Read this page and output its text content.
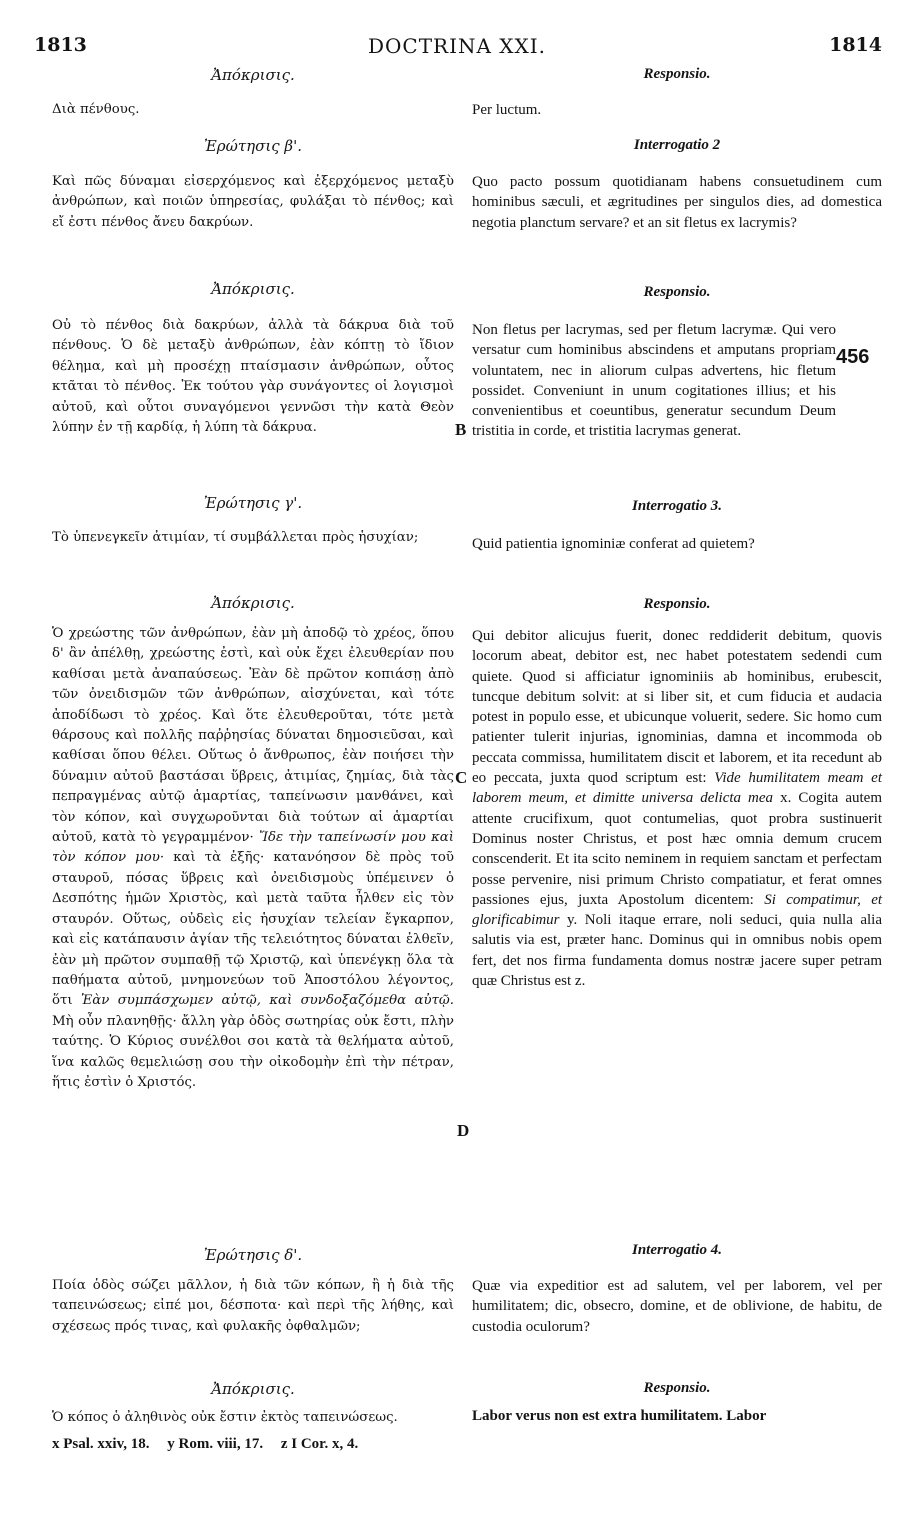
1813	DOCTRINA XXI.	1814
Ἀπόκρισις.
Διὰ πένθους.
Ἐρώτησις β'.
Καὶ πῶς δύναμαι εἰσερχόμενος καὶ ἐξερχόμενος μεταξὺ ἀνθρώπων, καὶ ποιῶν ὑπηρεσίας, φυλάξαι τὸ πένθος; καὶ εἴ ἐστι πένθος ἄνευ δακρύων.
Ἀπόκρισις.
Οὐ τὸ πένθος διὰ δακρύων, ἀλλὰ τὰ δάκρυα διὰ τοῦ πένθους. Ὁ δὲ μεταξὺ ἀνθρώπων, ἐὰν κόπτῃ τὸ ἴδιον θέλημα, καὶ μὴ προσέχῃ πταίσμασιν ἀνθρώπων, οὗτος κτᾶται τὸ πένθος. Ἐκ τούτου γὰρ συνάγοντες οἱ λογισμοὶ αὐτοῦ, καὶ οὗτοι συναγόμενοι γεννῶσι τὴν κατὰ Θεὸν λύπην ἐν τῇ καρδίᾳ, ἡ λύπη τὰ δάκρυα.
Ἐρώτησις γ'.
Τὸ ὑπενεγκεῖν ἀτιμίαν, τί συμβάλλεται πρὸς ἡσυχίαν;
Ἀπόκρισις.
Ὁ χρεώστης τῶν ἀνθρώπων, ἐὰν μὴ ἀποδῷ τὸ χρέος, ὅπου δ' ἂν ἀπέλθῃ, χρεώστης ἐστὶ, καὶ οὐκ ἔχει ἐλευθερίαν που καθίσαι μετὰ ἀναπαύσεως. Ἐὰν δὲ πρῶτον κοπιάσῃ ἀπὸ τῶν ὀνειδισμῶν τῶν ἀνθρώπων, αἰσχύνεται, καὶ τότε ἀποδίδωσι τὸ χρέος. Καὶ ὅτε ἐλευθεροῦται, τότε μετὰ θάρσους καὶ πολλῆς παῤῥησίας δύναται δημοσιεῦσαι, καὶ καθίσαι ὅπου θέλει. Οὕτως ὁ ἄνθρωπος, ἐὰν ποιήσει τὴν δύναμιν αὐτοῦ βαστάσαι ὕβρεις, ἀτιμίας, ζημίας, διὰ τὰς πεπραγμένας αὐτῷ ἁμαρτίας, ταπείνωσιν μανθάνει, καὶ τὸν κόπον, καὶ συγχωροῦνται διὰ τούτων αἱ ἁμαρτίαι αὐτοῦ, κατὰ τὸ γεγραμμένον· Ἴδε τὴν ταπείνωσίν μου καὶ τὸν κόπον μου· καὶ τὰ ἑξῆς· κατανόησον δὲ πρὸς τοῦ σταυροῦ, πόσας ὕβρεις καὶ ὀνειδισμοὺς ὑπέμεινεν ὁ Δεσπότης ἡμῶν Χριστὸς, καὶ μετὰ ταῦτα ἦλθεν εἰς τὸν σταυρόν. Οὕτως, οὐδεὶς εἰς ἡσυχίαν τελείαν ἔγκαρπον, καὶ εἰς κατάπαυσιν ἁγίαν τῆς τελειότητος δύναται ἐλθεῖν, ἐὰν μὴ πρῶτον συμπαθῇ τῷ Χριστῷ, καὶ ὑπενέγκῃ ὅλα τὰ παθήματα αὐτοῦ, μνημονεύων τοῦ Ἀποστόλου λέγοντος, ὅτι Ἐὰν συμπάσχωμεν αὐτῷ, καὶ συνδοξαζόμεθα αὐτῷ. Μὴ οὖν πλανηθῇς· ἄλλη γὰρ ὁδὸς σωτηρίας οὐκ ἔστι, πλὴν ταύτης. Ὁ Κύριος συνέλθοι σοι κατὰ τὰ θελήματα αὐτοῦ, ἵνα καλῶς θεμελιώσῃ σου τὴν οἰκοδομὴν ἐπὶ τὴν πέτραν, ἥτις ἐστὶν ὁ Χριστός.
Ἐρώτησις δ'.
Ποία ὁδὸς σώζει μᾶλλον, ἡ διὰ τῶν κόπων, ἢ ἡ διὰ τῆς ταπεινώσεως; εἰπέ μοι, δέσποτα· καὶ περὶ τῆς λήθης, καὶ σχέσεως πρός τινας, καὶ φυλακῆς ὀφθαλμῶν;
Ἀπόκρισις.
Ὁ κόπος ὁ ἀληθινὸς οὐκ ἔστιν ἐκτὸς ταπεινώσεως.
B
C
D
456
Responsio.
Per luctum.
Interrogatio 2
Quo pacto possum quotidianam habens consuetudinem cum hominibus sæculi, et ægritudines per singulos dies, ad domestica negotia planctum servare? et an sit fletus ex lacrymis?
Responsio.
Non fletus per lacrymas, sed per fletum lacrymæ. Qui vero versatur cum hominibus abscindens et amputans propriam voluntatem, nec in aliorum culpas advertens, hic fletum possidet. Conveniunt in unum cogitationes illius; et his convenientibus et coeuntibus, generatur secundum Deum tristitia in corde, et tristitia lacrymas generat.
Interrogatio 3.
Quid patientia ignominiæ conferat ad quietem?
Responsio.
Qui debitor alicujus fuerit, donec reddiderit debitum, quovis locorum abeat, debitor est, nec habet potestatem sedendi cum quiete. Quod si afficiatur ignominiis ab hominibus, erubescit, tuncque debitum solvit: at si liber sit, et cum fiducia et audacia potest in populo esse, et ubicunque voluerit, sedere. Sic homo cum patienter tulerit injurias, ignominias, damna et incommoda ob peccata commissa, humilitatem discit et laborem, et ita recedunt ab eo peccata, juxta quod scriptum est: Vide humilitatem meam et laborem meum, et dimitte universa delicta mea x. Cogita autem attente crucifixum, quot contumelias, quot probra sustinuerit Dominus noster Christus, et post hæc omnia demum crucem conscenderit. Et ita scito neminem in requiem sanctam et perfectam posse pervenire, nisi primum Christo compatiatur, et ferat omnes passiones ejus, juxta Apostolum dicentem: Si compatimur, et glorificabimur y. Noli itaque errare, noli seduci, quia nulla alia salutis via est, præter hanc. Dominus qui in omnibus nobis opem fert, det nos firma fundamenta domus nostræ jacere super petram quæ Christus est z.
Interrogatio 4.
Quæ via expeditior est ad salutem, vel per laborem, vel per humilitatem; dic, obsecro, domine, et de oblivione, de habitu, de custodia oculorum?
Responsio.
Labor verus non est extra humilitatem. Labor
x Psal. xxiv, 18. y Rom. viii, 17. z I Cor. x, 4.
